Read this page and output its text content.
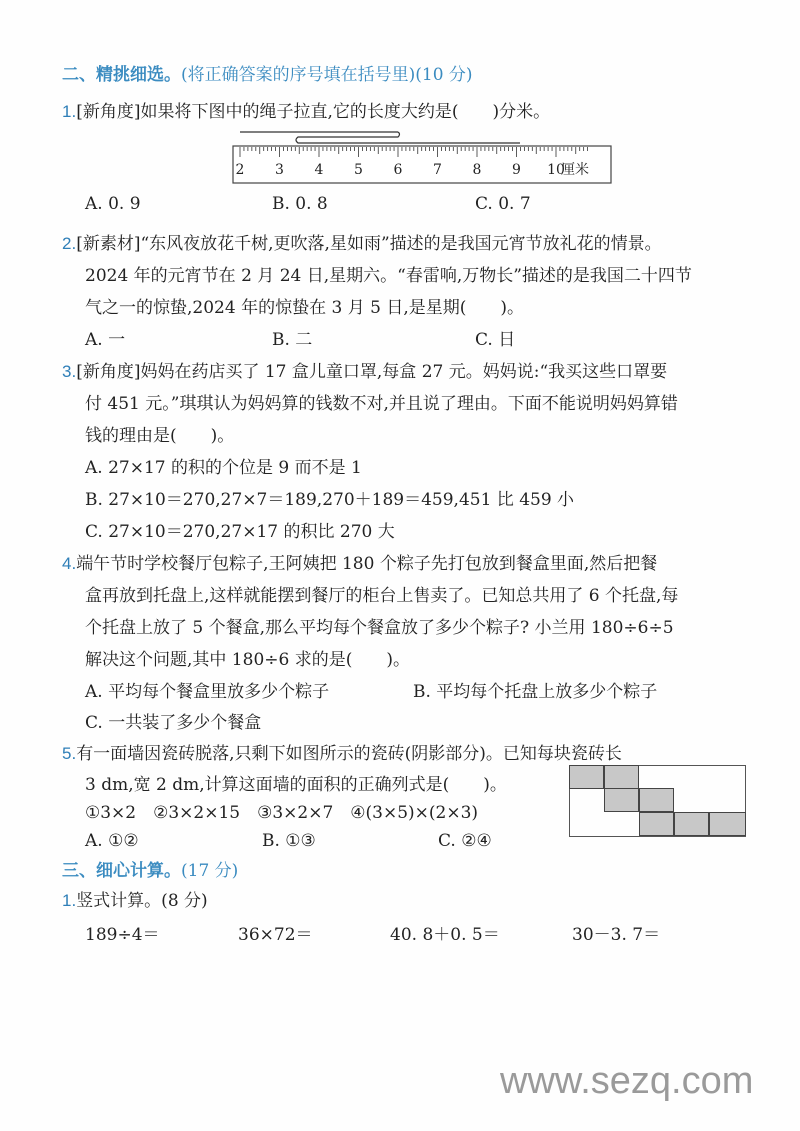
二、精挑细选。(将正确答案的序号填在括号里)(10 分)
1.[新角度]如果将下图中的绳子拉直,它的长度大约是(　　)分米。
2 3 4 5 6 7 8 9 10
厘米
A. 0. 9	B. 0. 8	C. 0. 7
2.[新素材]“东风夜放花千树,更吹落,星如雨”描述的是我国元宵节放礼花的情景。
2024 年的元宵节在 2 月 24 日,星期六。“春雷响,万物长”描述的是我国二十四节
气之一的惊蛰,2024 年的惊蛰在 3 月 5 日,是星期(　　)。
A. 一	B. 二	C. 日
3.[新角度]妈妈在药店买了 17 盒儿童口罩,每盒 27 元。妈妈说:“我买这些口罩要
付 451 元。”琪琪认为妈妈算的钱数不对,并且说了理由。下面不能说明妈妈算错
钱的理由是(　　)。
A. 27×17 的积的个位是 9 而不是 1
B. 27×10＝270,27×7＝189,270＋189＝459,451 比 459 小
C. 27×10＝270,27×17 的积比 270 大
4.端午节时学校餐厅包粽子,王阿姨把 180 个粽子先打包放到餐盒里面,然后把餐
盒再放到托盘上,这样就能摆到餐厅的柜台上售卖了。已知总共用了 6 个托盘,每
个托盘上放了 5 个餐盒,那么平均每个餐盒放了多少个粽子? 小兰用 180÷6÷5
解决这个问题,其中 180÷6 求的是(　　)。
A. 平均每个餐盒里放多少个粽子	B. 平均每个托盘上放多少个粽子
C. 一共装了多少个餐盒
5.有一面墙因瓷砖脱落,只剩下如图所示的瓷砖(阴影部分)。已知每块瓷砖长
3 dm,宽 2 dm,计算这面墙的面积的正确列式是(　　)。
①3×2　②3×2×15　③3×2×7　④(3×5)×(2×3)
A. ①②	B. ①③	C. ②④
三、细心计算。(17 分)
1.竖式计算。(8 分)
189÷4＝	36×72＝	40. 8＋0. 5＝	30－3. 7＝
www.sezq.com
